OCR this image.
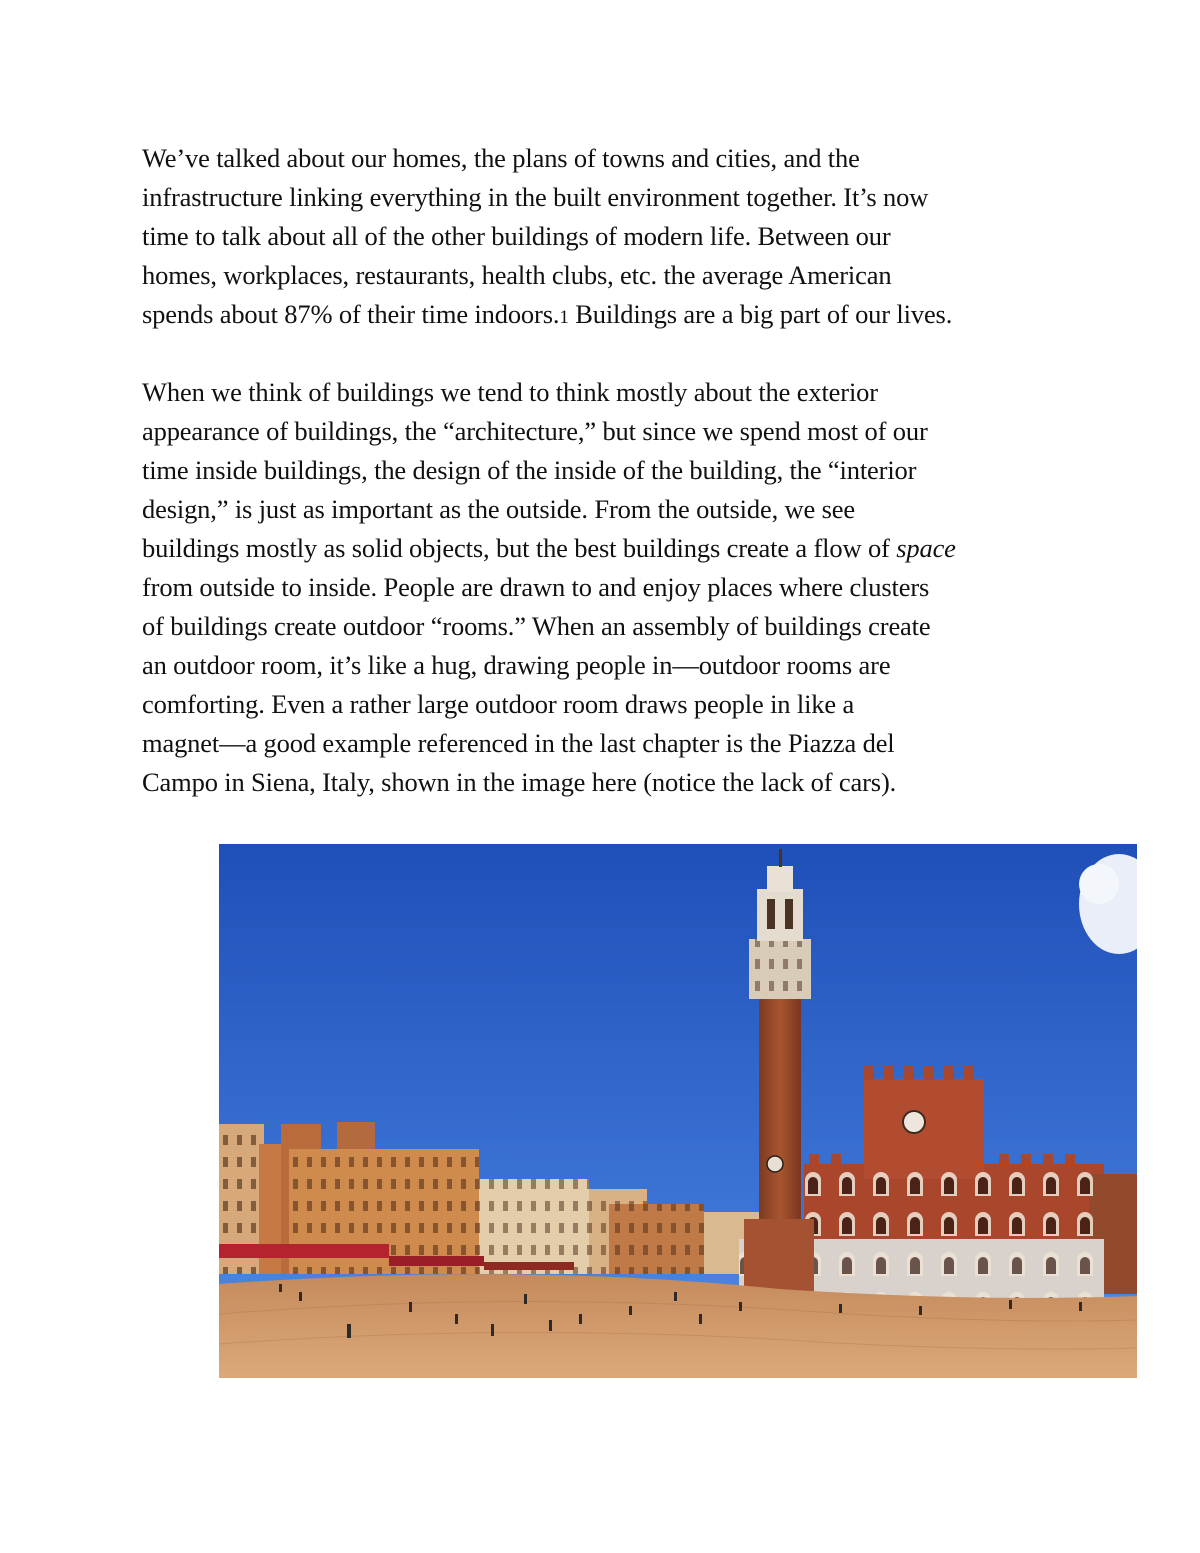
We’ve talked about our homes, the plans of towns and cities, and the
infrastructure linking everything in the built environment together. It’s now
time to talk about all of the other buildings of modern life. Between our
homes, workplaces, restaurants, health clubs, etc. the average American
spends about 87% of their time indoors.1 Buildings are a big part of our lives.
When we think of buildings we tend to think mostly about the exterior
appearance of buildings, the “architecture,” but since we spend most of our
time inside buildings, the design of the inside of the building, the “interior
design,” is just as important as the outside. From the outside, we see
buildings mostly as solid objects, but the best buildings create a flow of space
from outside to inside. People are drawn to and enjoy places where clusters
of buildings create outdoor “rooms.” When an assembly of buildings create
an outdoor room, it’s like a hug, drawing people in—outdoor rooms are
comforting. Even a rather large outdoor room draws people in like a
magnet—a good example referenced in the last chapter is the Piazza del
Campo in Siena, Italy, shown in the image here (notice the lack of cars).
